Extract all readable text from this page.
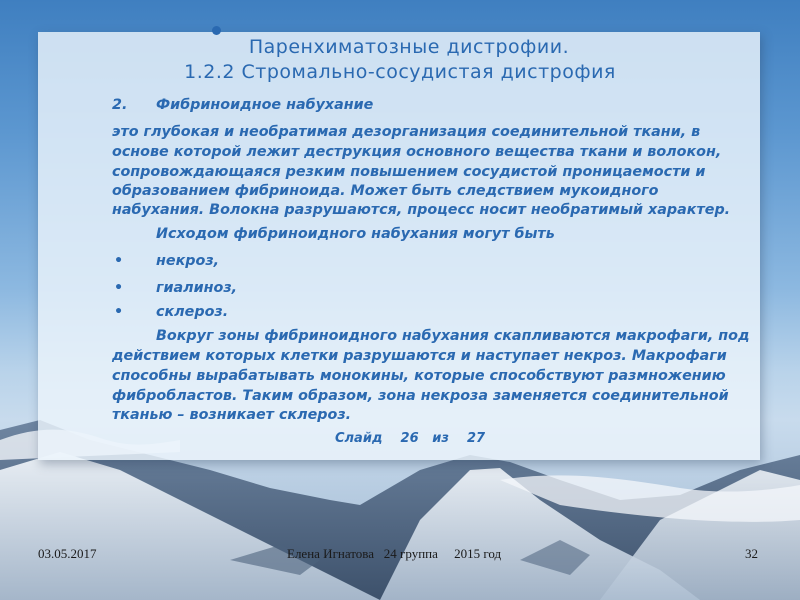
Паренхиматозные дистрофии.
1.2.2 Стромально-сосудистая дистрофия
2. Фибриноидное набухание
это глубокая и необратимая дезорганизация соединительной ткани, в
основе которой лежит деструкция основного вещества ткани и волокон,
сопровождающаяся резким повышением сосудистой проницаемости и
образованием фибриноида. Может быть следствием мукоидного
набухания. Волокна разрушаются, процесс носит необратимый характер.
Исходом фибриноидного набухания могут быть
• некроз,
• гиалиноз,
• склероз.
Вокруг зоны фибриноидного набухания скапливаются макрофаги, под
действием которых клетки разрушаются и наступает некроз. Макрофаги
способны вырабатывать монокины, которые способствуют размножению
фибробластов. Таким образом, зона некроза заменяется соединительной
тканью – возникает склероз.
Слайд    26   из    27
03.05.2017	Елена Игнатова   24 группа     2015 год	32
